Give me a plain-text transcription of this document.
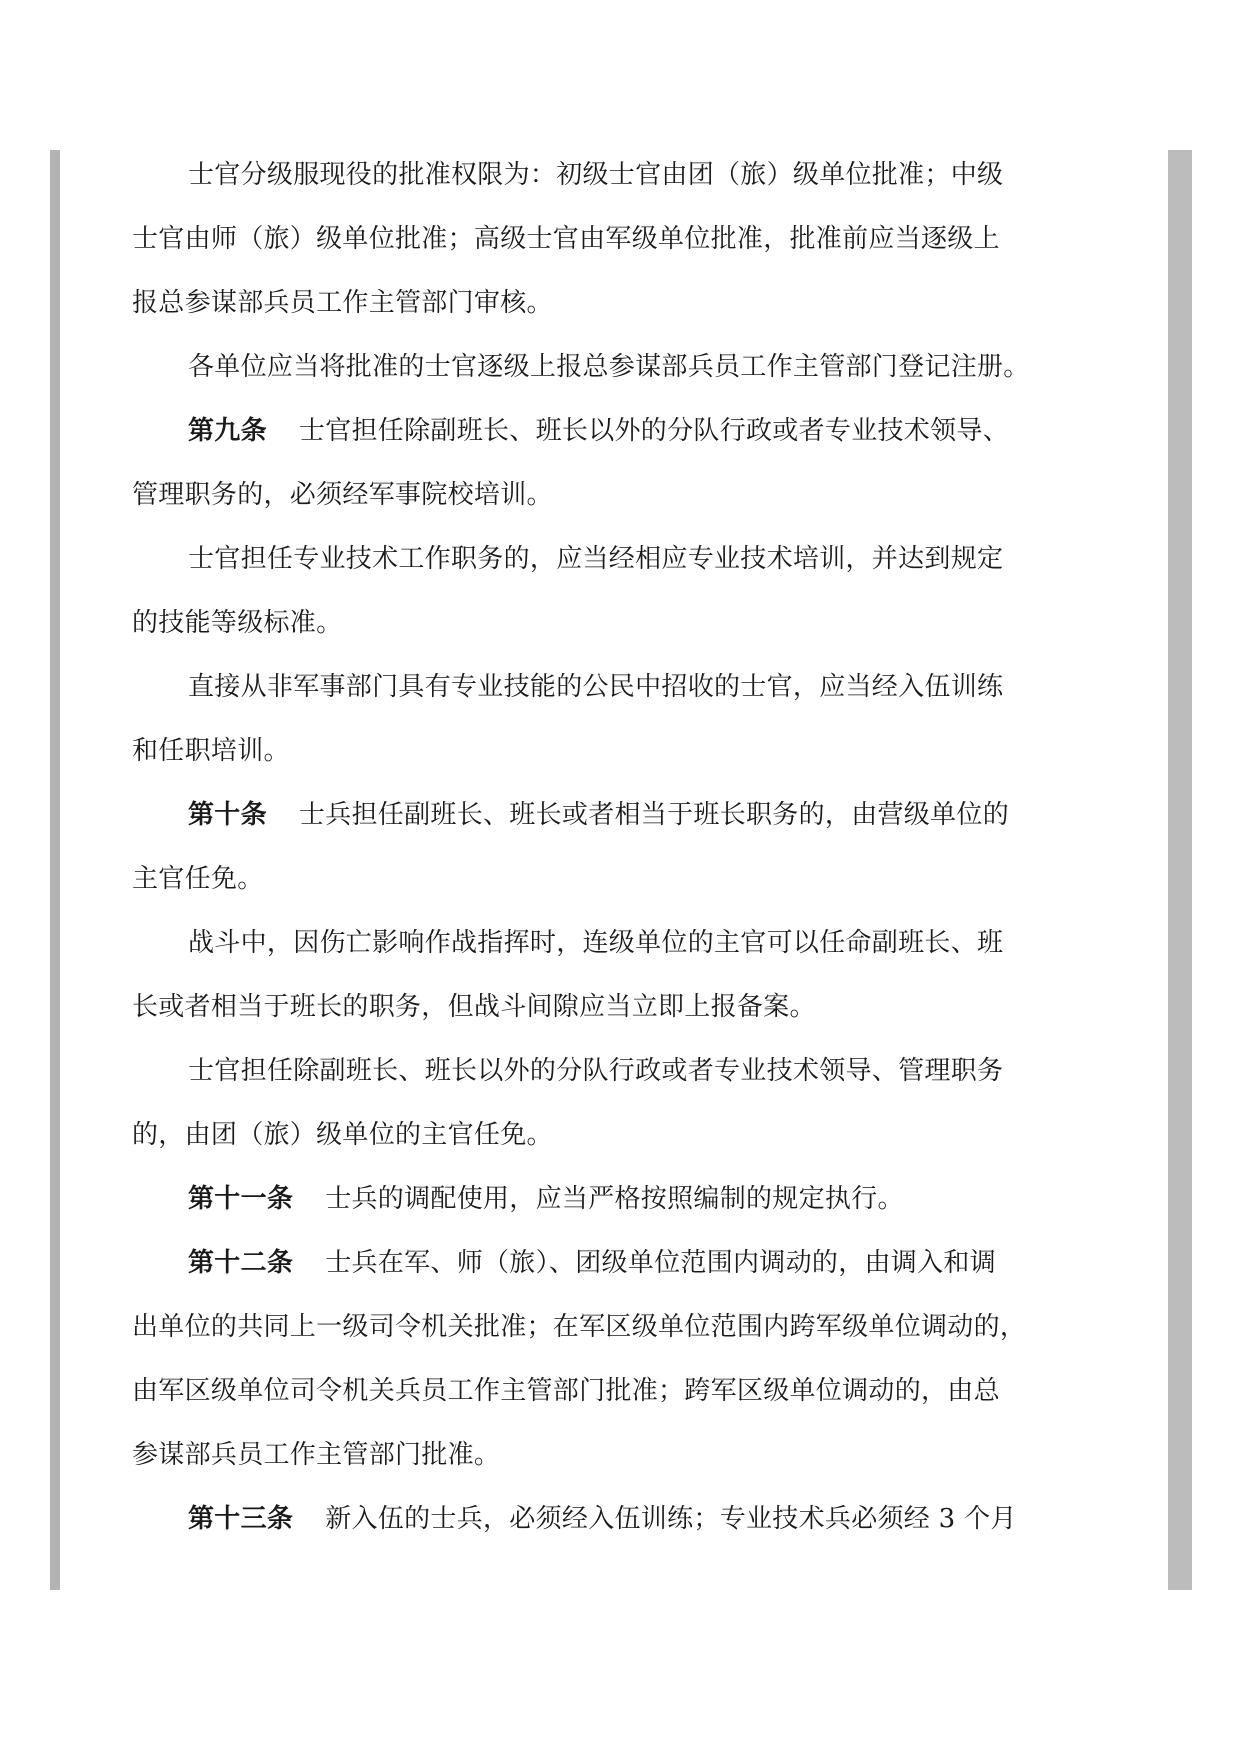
士官分级服现役的批准权限为：初级士官由团（旅）级单位批准；中级
士官由师（旅）级单位批准；高级士官由军级单位批准，批准前应当逐级上
报总参谋部兵员工作主管部门审核。
各单位应当将批准的士官逐级上报总参谋部兵员工作主管部门登记注册。
第九条 士官担任除副班长、班长以外的分队行政或者专业技术领导、
管理职务的，必须经军事院校培训。
士官担任专业技术工作职务的，应当经相应专业技术培训，并达到规定
的技能等级标准。
直接从非军事部门具有专业技能的公民中招收的士官，应当经入伍训练
和任职培训。
第十条 士兵担任副班长、班长或者相当于班长职务的，由营级单位的
主官任免。
战斗中，因伤亡影响作战指挥时，连级单位的主官可以任命副班长、班
长或者相当于班长的职务，但战斗间隙应当立即上报备案。
士官担任除副班长、班长以外的分队行政或者专业技术领导、管理职务
的，由团（旅）级单位的主官任免。
第十一条 士兵的调配使用，应当严格按照编制的规定执行。
第十二条 士兵在军、师（旅）、团级单位范围内调动的，由调入和调
出单位的共同上一级司令机关批准；在军区级单位范围内跨军级单位调动的，
由军区级单位司令机关兵员工作主管部门批准；跨军区级单位调动的，由总
参谋部兵员工作主管部门批准。
第十三条 新入伍的士兵，必须经入伍训练；专业技术兵必须经 3 个月
